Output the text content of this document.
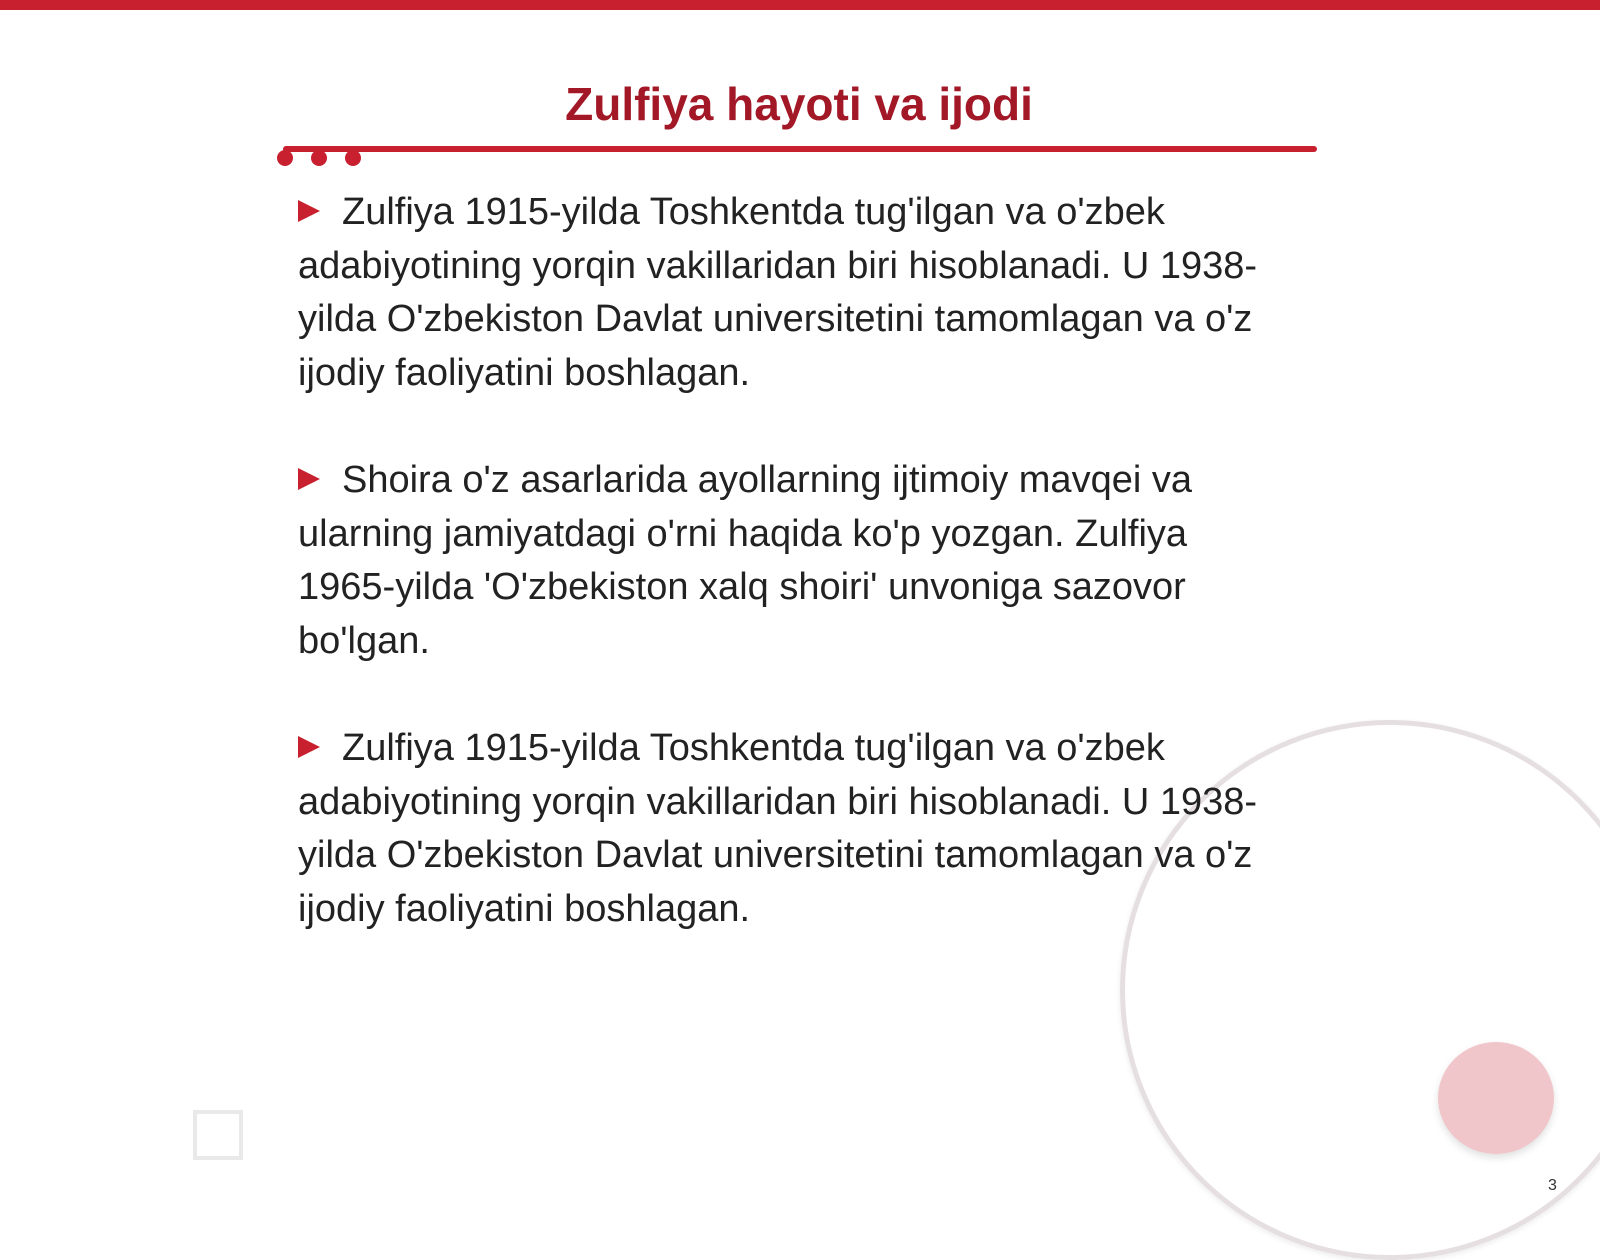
Zulfiya hayoti va ijodi
Zulfiya 1915-yilda Toshkentda tug'ilgan va o'zbek adabiyotining yorqin vakillaridan biri hisoblanadi. U 1938-yilda O'zbekiston Davlat universitetini tamomlagan va o'z ijodiy faoliyatini boshlagan.
Shoira o'z asarlarida ayollarning ijtimoiy mavqei va ularning jamiyatdagi o'rni haqida ko'p yozgan. Zulfiya 1965-yilda 'O'zbekiston xalq shoiri' unvoniga sazovor bo'lgan.
Zulfiya 1915-yilda Toshkentda tug'ilgan va o'zbek adabiyotining yorqin vakillaridan biri hisoblanadi. U 1938-yilda O'zbekiston Davlat universitetini tamomlagan va o'z ijodiy faoliyatini boshlagan.
3
